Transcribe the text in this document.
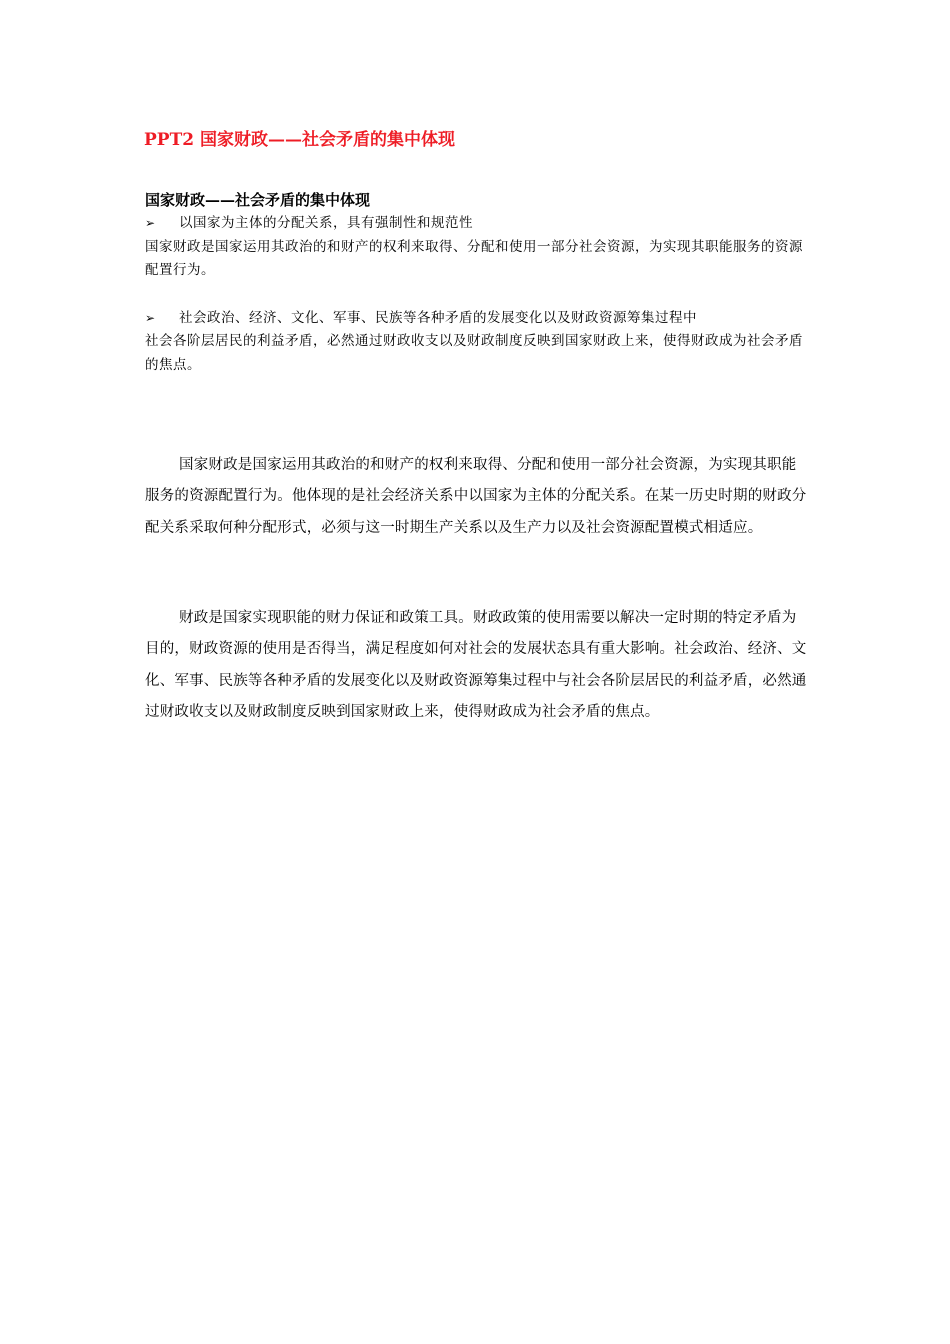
PPT2 国家财政——社会矛盾的集中体现
国家财政——社会矛盾的集中体现
➢	以国家为主体的分配关系，具有强制性和规范性
国家财政是国家运用其政治的和财产的权利来取得、分配和使用一部分社会资源，为实现其职能服务的资源配置行为。
➢	社会政治、经济、文化、军事、民族等各种矛盾的发展变化以及财政资源筹集过程中
社会各阶层居民的利益矛盾，必然通过财政收支以及财政制度反映到国家财政上来，使得财政成为社会矛盾的焦点。

国家财政是国家运用其政治的和财产的权利来取得、分配和使用一部分社会资源，为实现其职能服务的资源配置行为。他体现的是社会经济关系中以国家为主体的分配关系。在某一历史时期的财政分配关系采取何种分配形式，必须与这一时期生产关系以及生产力以及社会资源配置模式相适应。

财政是国家实现职能的财力保证和政策工具。财政政策的使用需要以解决一定时期的特定矛盾为目的，财政资源的使用是否得当，满足程度如何对社会的发展状态具有重大影响。社会政治、经济、文化、军事、民族等各种矛盾的发展变化以及财政资源筹集过程中与社会各阶层居民的利益矛盾，必然通过财政收支以及财政制度反映到国家财政上来，使得财政成为社会矛盾的焦点。
